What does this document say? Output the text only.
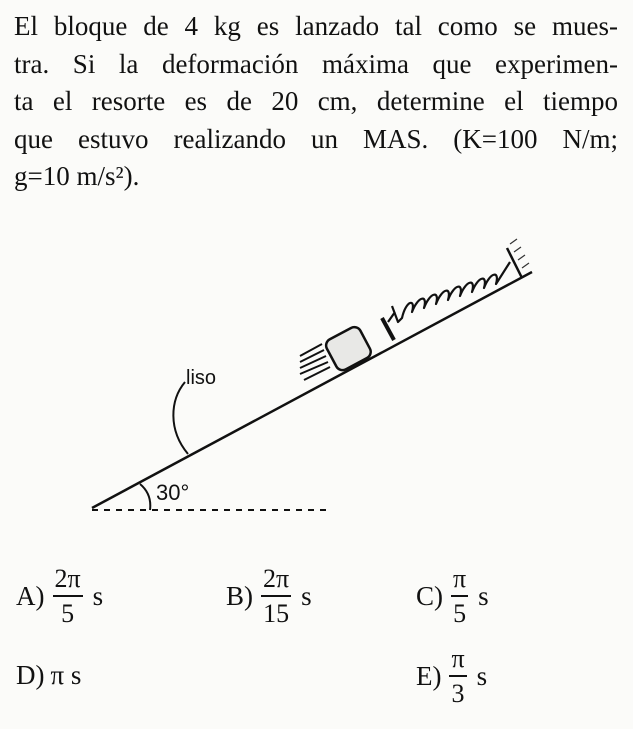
El bloque de 4 kg es lanzado tal como se mues-
tra. Si la deformación máxima que experimen-
ta el resorte es de 20 cm, determine el tiempo
que estuvo realizando un MAS. (K=100 N/m;
g=10 m/s²).

liso
30°
$A) \frac{2\pi}{5}$ s	$B) \frac{2\pi}{15}$ s	$C) \frac{\pi}{5}$ s
D) π s	$E) \frac{\pi}{3}$ s
